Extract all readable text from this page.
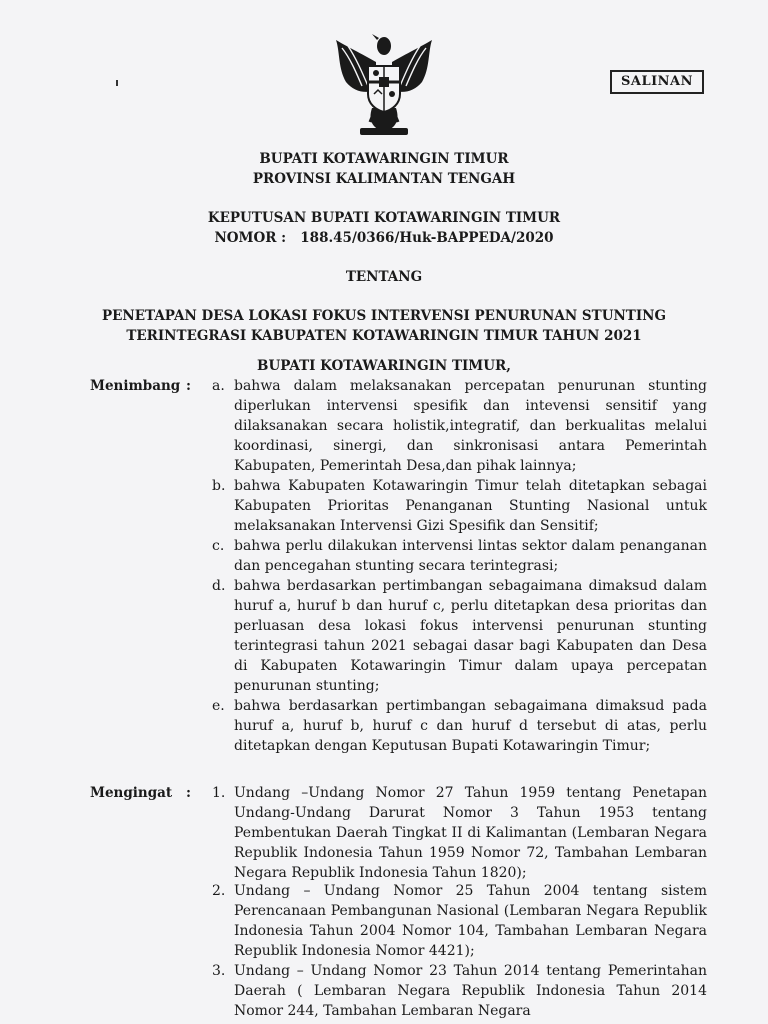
SALINAN
BUPATI KOTAWARINGIN TIMUR
PROVINSI KALIMANTAN TENGAH
KEPUTUSAN BUPATI KOTAWARINGIN TIMUR
NOMOR : 188.45/0366/Huk-BAPPEDA/2020
TENTANG
PENETAPAN DESA LOKASI FOKUS INTERVENSI PENURUNAN STUNTING
TERINTEGRASI KABUPATEN KOTAWARINGIN TIMUR TAHUN 2021
BUPATI KOTAWARINGIN TIMUR,
Menimbang : a. bahwa dalam melaksanakan percepatan penurunan stunting diperlukan intervensi spesifik dan intevensi sensitif yang dilaksanakan secara holistik,integratif, dan berkualitas melalui koordinasi, sinergi, dan sinkronisasi antara Pemerintah Kabupaten, Pemerintah Desa,dan pihak lainnya;
b. bahwa Kabupaten Kotawaringin Timur telah ditetapkan sebagai Kabupaten Prioritas Penanganan Stunting Nasional untuk melaksanakan Intervensi Gizi Spesifik dan Sensitif;
c. bahwa perlu dilakukan intervensi lintas sektor dalam penanganan dan pencegahan stunting secara terintegrasi;
d. bahwa berdasarkan pertimbangan sebagaimana dimaksud dalam huruf a, huruf b dan huruf c, perlu ditetapkan desa prioritas dan perluasan desa lokasi fokus intervensi penurunan stunting terintegrasi tahun 2021 sebagai dasar bagi Kabupaten dan Desa di Kabupaten Kotawaringin Timur dalam upaya percepatan penurunan stunting;
e. bahwa berdasarkan pertimbangan sebagaimana dimaksud pada huruf a, huruf b, huruf c dan huruf d tersebut di atas, perlu ditetapkan dengan Keputusan Bupati Kotawaringin Timur;
Mengingat : 1. Undang –Undang Nomor 27 Tahun 1959 tentang Penetapan Undang-Undang Darurat Nomor 3 Tahun 1953 tentang Pembentukan Daerah Tingkat II di Kalimantan (Lembaran Negara Republik Indonesia Tahun 1959 Nomor 72, Tambahan Lembaran Negara Republik Indonesia Tahun 1820);
2. Undang – Undang Nomor 25 Tahun 2004 tentang sistem Perencanaan Pembangunan Nasional (Lembaran Negara Republik Indonesia Tahun 2004 Nomor 104, Tambahan Lembaran Negara Republik Indonesia Nomor 4421);
3. Undang – Undang Nomor 23 Tahun 2014 tentang Pemerintahan Daerah ( Lembaran Negara Republik Indonesia Tahun 2014 Nomor 244, Tambahan Lembaran Negara
